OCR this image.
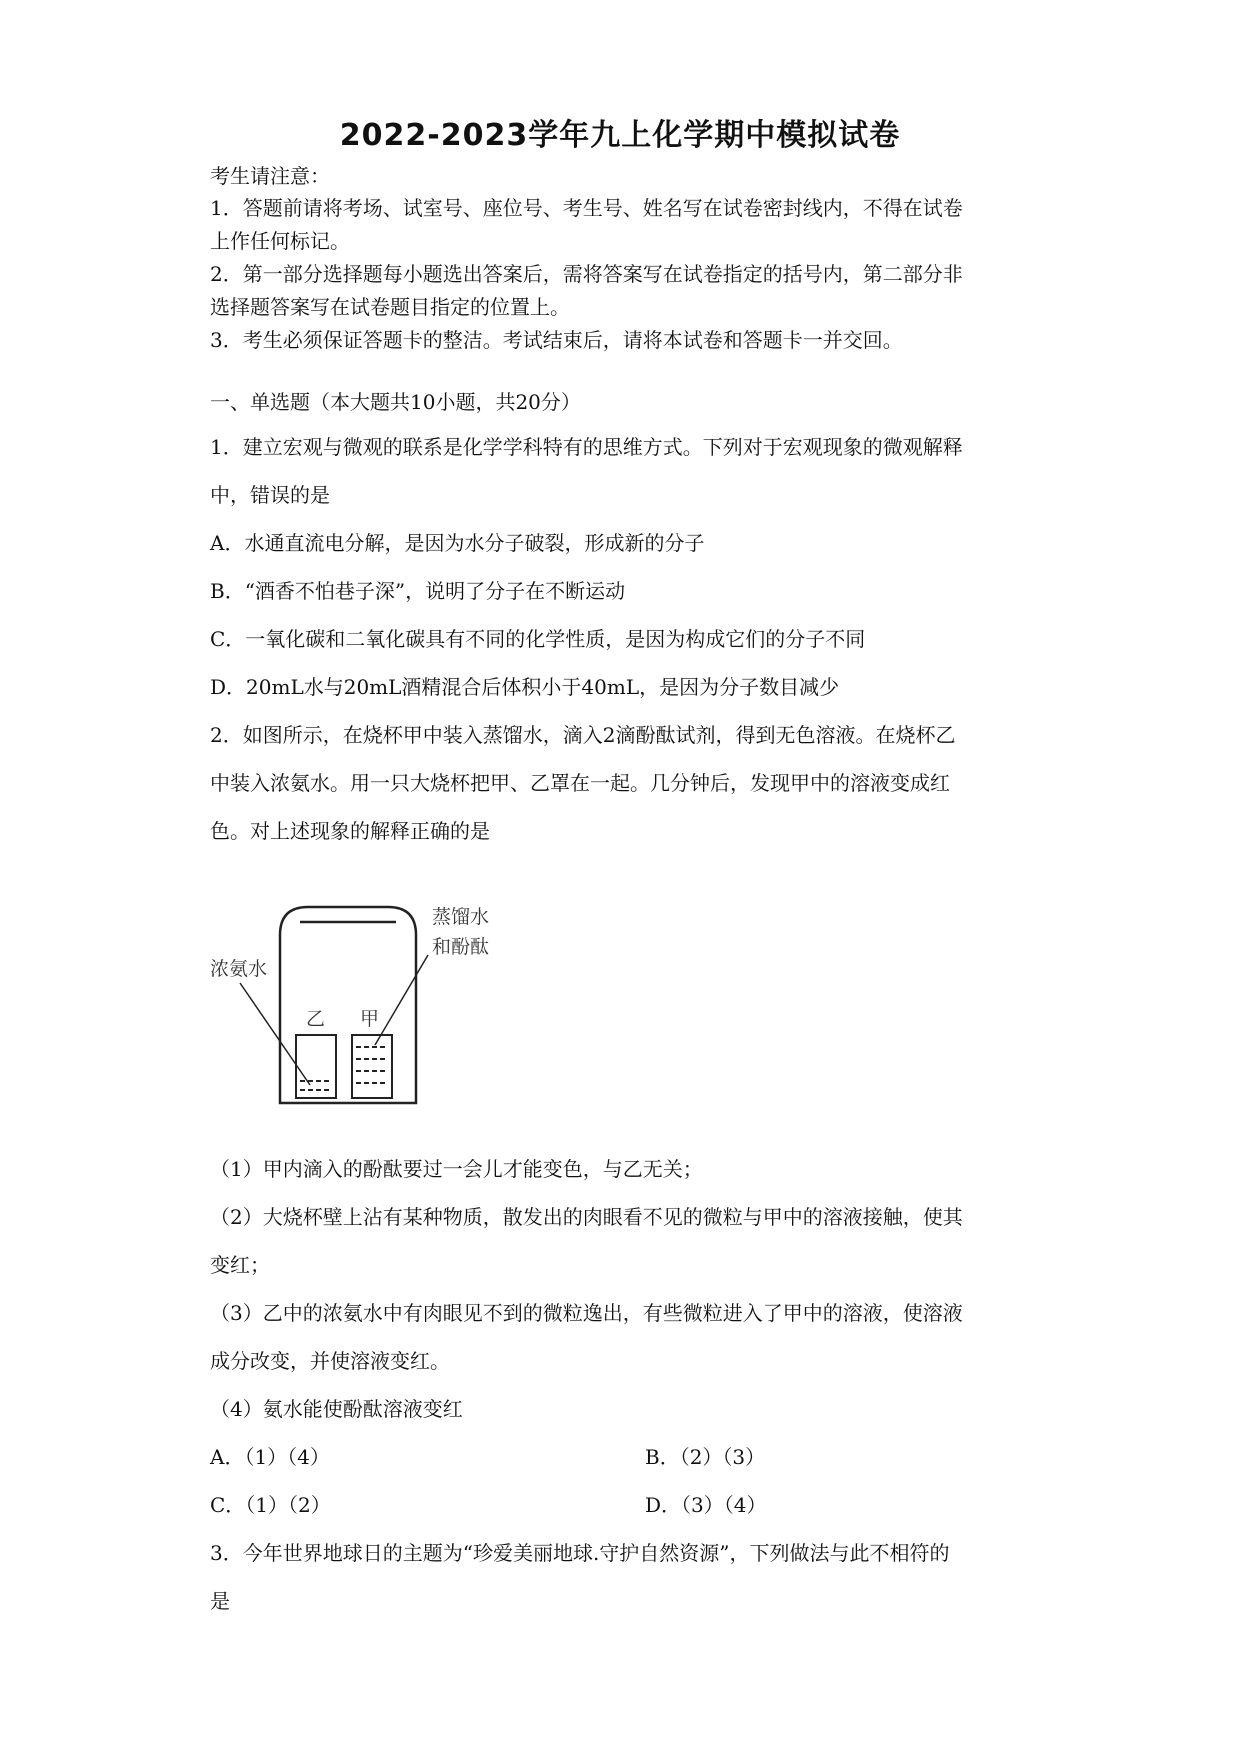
2022-2023学年九上化学期中模拟试卷
考生请注意：
1．答题前请将考场、试室号、座位号、考生号、姓名写在试卷密封线内，不得在试卷
上作任何标记。
2．第一部分选择题每小题选出答案后，需将答案写在试卷指定的括号内，第二部分非
选择题答案写在试卷题目指定的位置上。
3．考生必须保证答题卡的整洁。考试结束后，请将本试卷和答题卡一并交回。
一、单选题（本大题共10小题，共20分）
1．建立宏观与微观的联系是化学学科特有的思维方式。下列对于宏观现象的微观解释
中，错误的是
A．水通直流电分解，是因为水分子破裂，形成新的分子
B．“酒香不怕巷子深”，说明了分子在不断运动
C．一氧化碳和二氧化碳具有不同的化学性质，是因为构成它们的分子不同
D．20mL水与20mL酒精混合后体积小于40mL，是因为分子数目减少
2．如图所示，在烧杯甲中装入蒸馏水，滴入2滴酚酞试剂，得到无色溶液。在烧杯乙
中装入浓氨水。用一只大烧杯把甲、乙罩在一起。几分钟后，发现甲中的溶液变成红
色。对上述现象的解释正确的是
浓氨水
蒸馏水
和酚酞
乙 甲
（1）甲内滴入的酚酞要过一会儿才能变色，与乙无关；
（2）大烧杯壁上沾有某种物质，散发出的肉眼看不见的微粒与甲中的溶液接触，使其
变红；
（3）乙中的浓氨水中有肉眼见不到的微粒逸出，有些微粒进入了甲中的溶液，使溶液
成分改变，并使溶液变红。
（4）氨水能使酚酞溶液变红
A．（1）（4）	B．（2）（3）
C．（1）（2）	D．（3）（4）
3．今年世界地球日的主题为“珍爱美丽地球.守护自然资源”，下列做法与此不相符的
是
